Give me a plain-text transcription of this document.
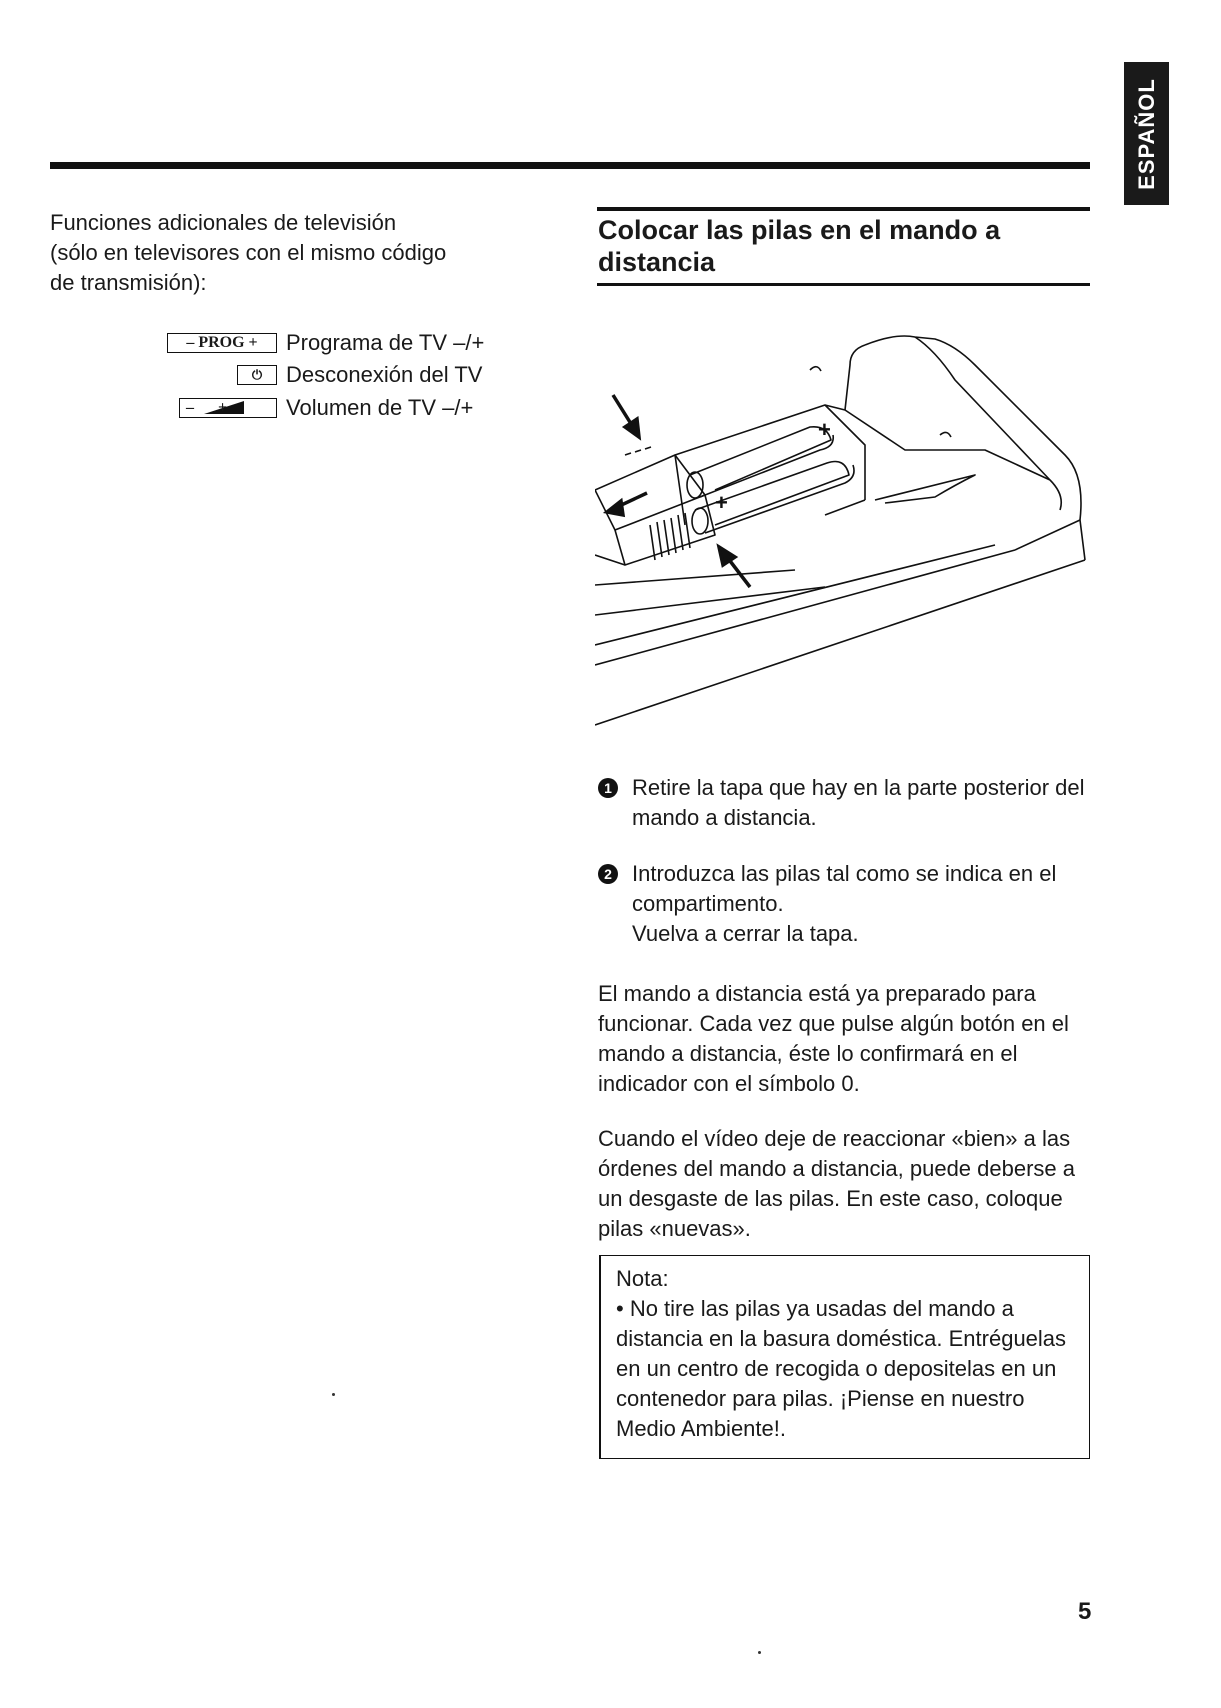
ESPAÑOL
Funciones adicionales de televisión
(sólo en televisores con el mismo código
de transmisión):
– PROG +	Programa de TV –/+
⏻	Desconexión del TV
–      +	Volumen de TV –/+
Colocar las pilas en el mando a
distancia
+
+
1 Retire la tapa que hay en la parte posterior del
mando a distancia.
2 Introduzca las pilas tal como se indica en el
compartimento.
Vuelva a cerrar la tapa.
El mando a distancia está ya preparado para
funcionar. Cada vez que pulse algún botón en el
mando a distancia, éste lo confirmará en el
indicador con el símbolo 0.
Cuando el vídeo deje de reaccionar «bien» a las
órdenes del mando a distancia, puede deberse a
un desgaste de las pilas. En este caso, coloque
pilas «nuevas».
Nota:
• No tire las pilas ya usadas del mando a
distancia en la basura doméstica. Entréguelas
en un centro de recogida o depositelas en un
contenedor para pilas. ¡Piense en nuestro
Medio Ambiente!.
5
